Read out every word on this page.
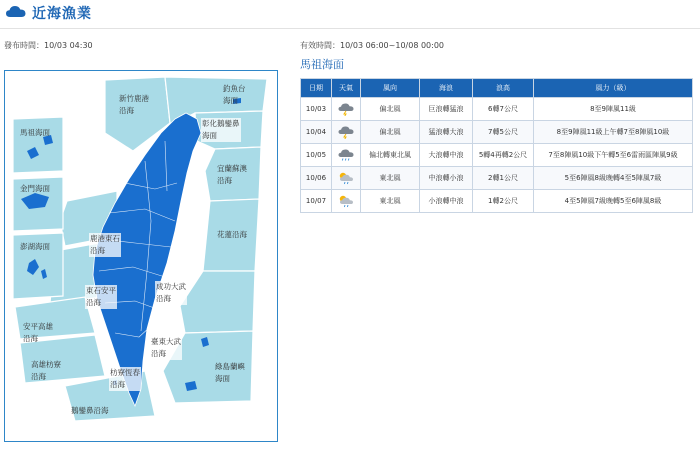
近海漁業
發布時間：10/03 04:30	有效時間：10/03 06:00~10/08 00:00
新竹鹿港
沿海
釣魚台
海面
馬祖海面
彰化鵝鑾鼻
海面
宜蘭蘇澳
沿海
金門海面
澎湖海面
鹿港東石
沿海
花蓮沿海
東石安平
沿海
成功大武
沿海
安平高雄
沿海	臺東大武
沿海
綠島蘭嶼
海面
高雄枋寮
沿海	枋寮恆春
沿海
鵝鑾鼻沿海
馬祖海面
日期	天氣	風向	海浪	浪高	風力（級）
10/03		偏北風	巨浪轉猛浪	6轉7公尺	8至9陣風11級
10/04		偏北風	猛浪轉大浪	7轉5公尺	8至9陣風11級上午轉7至8陣風10級
10/05		偏北轉東北風	大浪轉中浪	5轉4再轉2公尺	7至8陣風10級下午轉5至6雷雨區陣風9級
10/06		東北風	中浪轉小浪	2轉1公尺	5至6陣風8級晚轉4至5陣風7級
10/07		東北風	小浪轉中浪	1轉2公尺	4至5陣風7級晚轉5至6陣風8級
